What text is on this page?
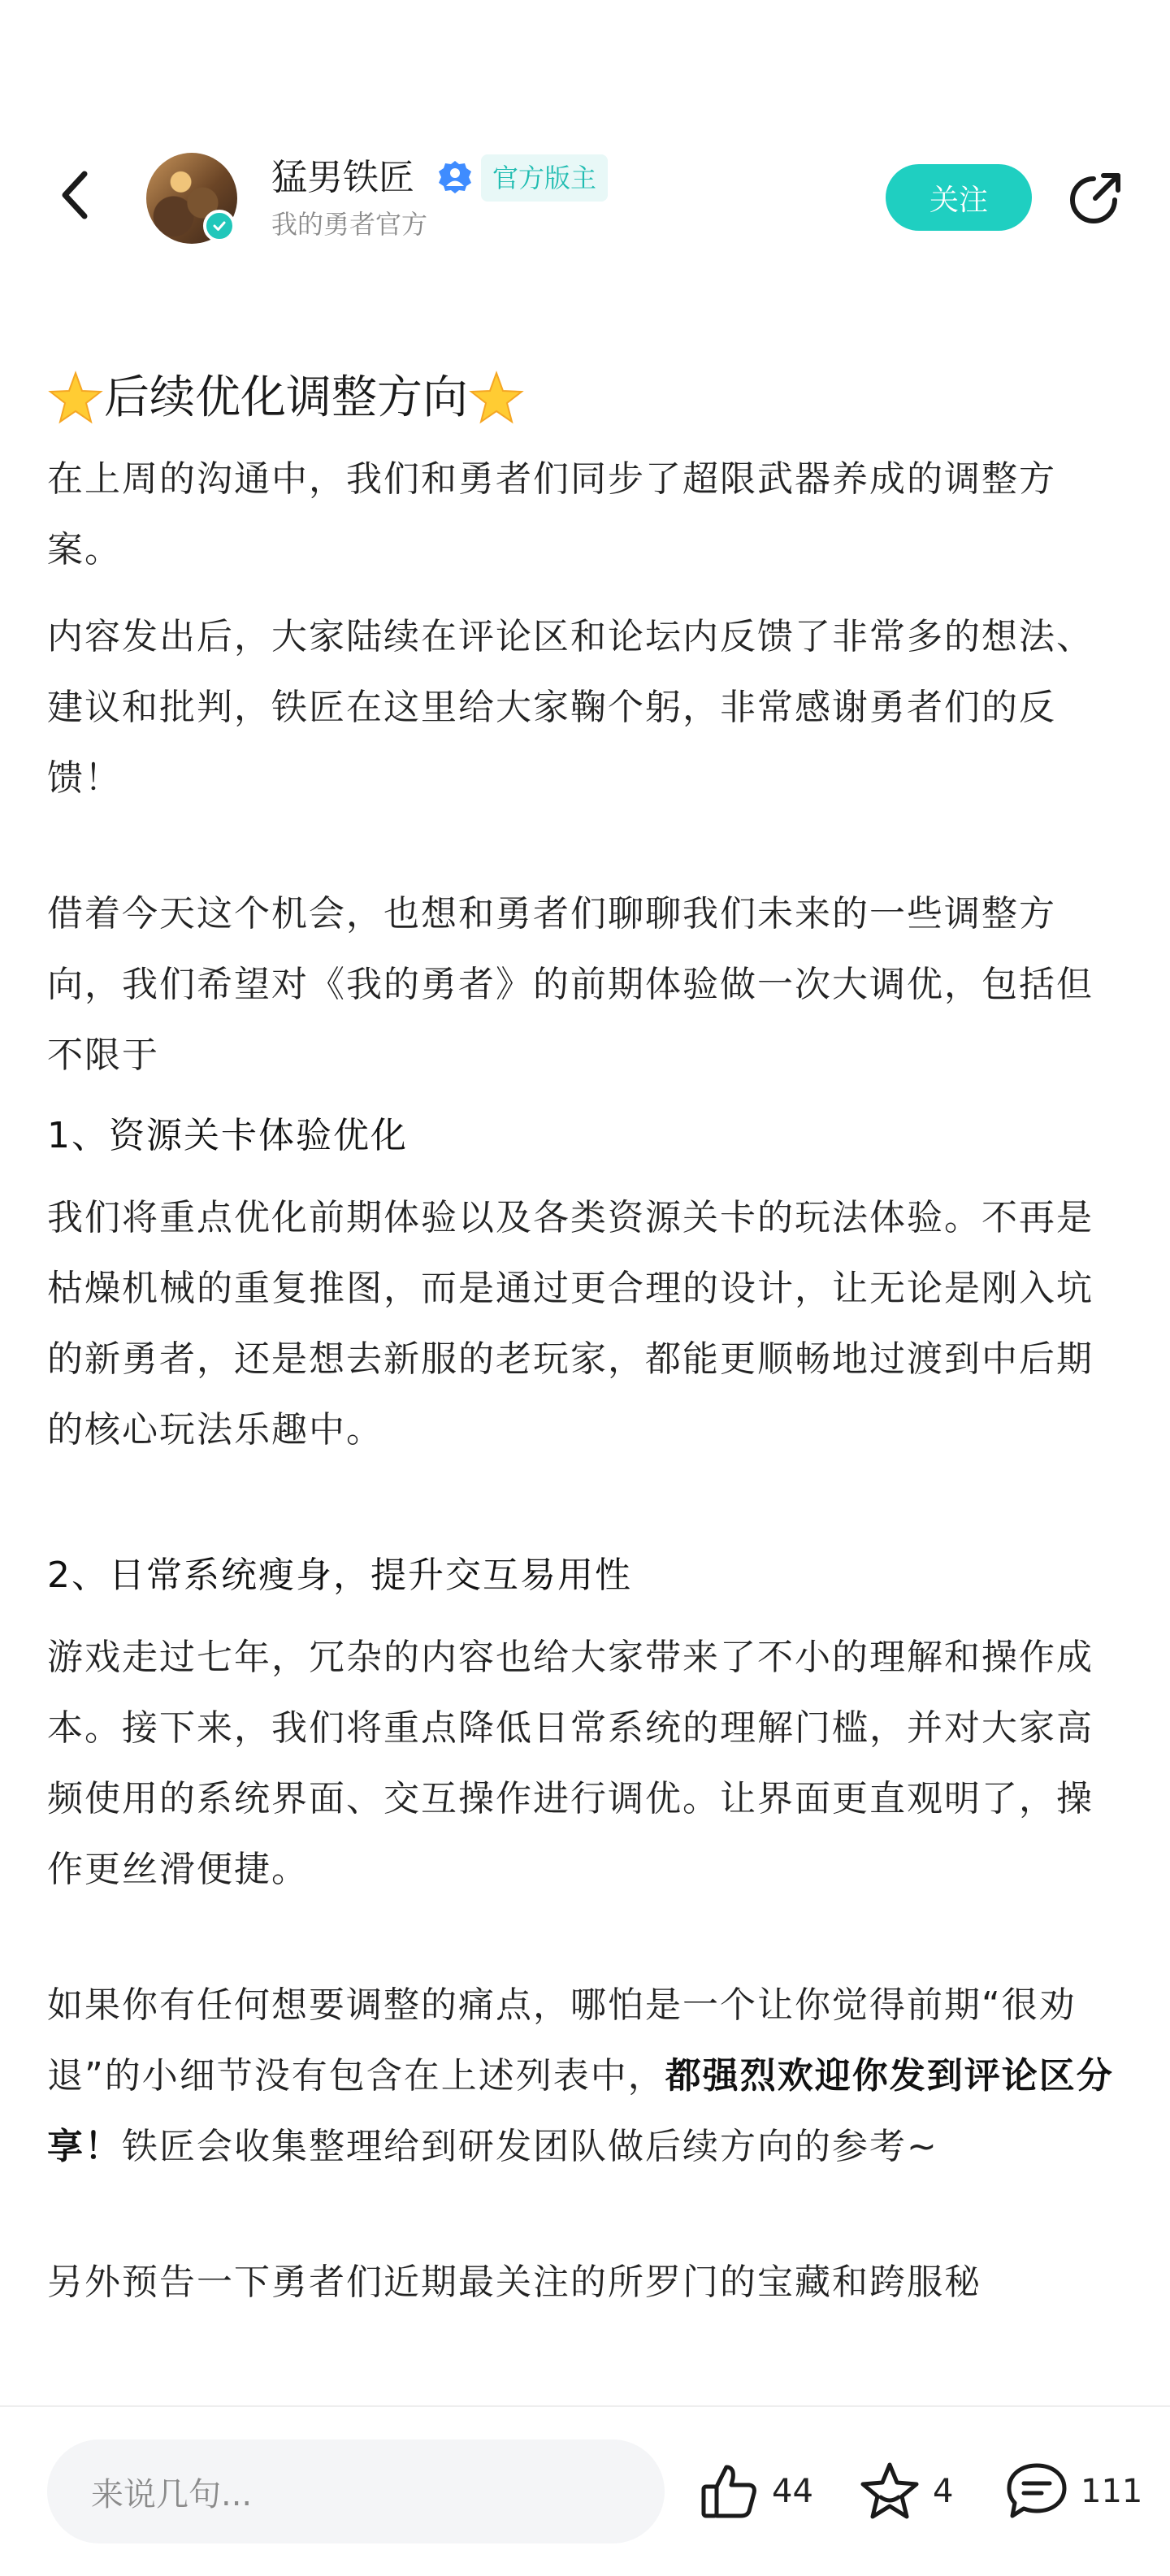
猛男铁匠	官方版主
我的勇者官方
关注
后续优化调整方向

在上周的沟通中，我们和勇者们同步了超限武器养成的调整方案。

内容发出后，大家陆续在评论区和论坛内反馈了非常多的想法、建议和批判，铁匠在这里给大家鞠个躬，非常感谢勇者们的反馈！

借着今天这个机会，也想和勇者们聊聊我们未来的一些调整方向，我们希望对《我的勇者》的前期体验做一次大调优，包括但不限于

1、资源关卡体验优化

我们将重点优化前期体验以及各类资源关卡的玩法体验。不再是枯燥机械的重复推图，而是通过更合理的设计，让无论是刚入坑的新勇者，还是想去新服的老玩家，都能更顺畅地过渡到中后期的核心玩法乐趣中。

2、日常系统瘦身，提升交互易用性

游戏走过七年，冗杂的内容也给大家带来了不小的理解和操作成本。接下来，我们将重点降低日常系统的理解门槛，并对大家高频使用的系统界面、交互操作进行调优。让界面更直观明了，操作更丝滑便捷。

如果你有任何想要调整的痛点，哪怕是一个让你觉得前期“很劝退”的小细节没有包含在上述列表中，都强烈欢迎你发到评论区分享！铁匠会收集整理给到研发团队做后续方向的参考~

另外预告一下勇者们近期最关注的所罗门的宝藏和跨服秘

来说几句...	44	4	111
